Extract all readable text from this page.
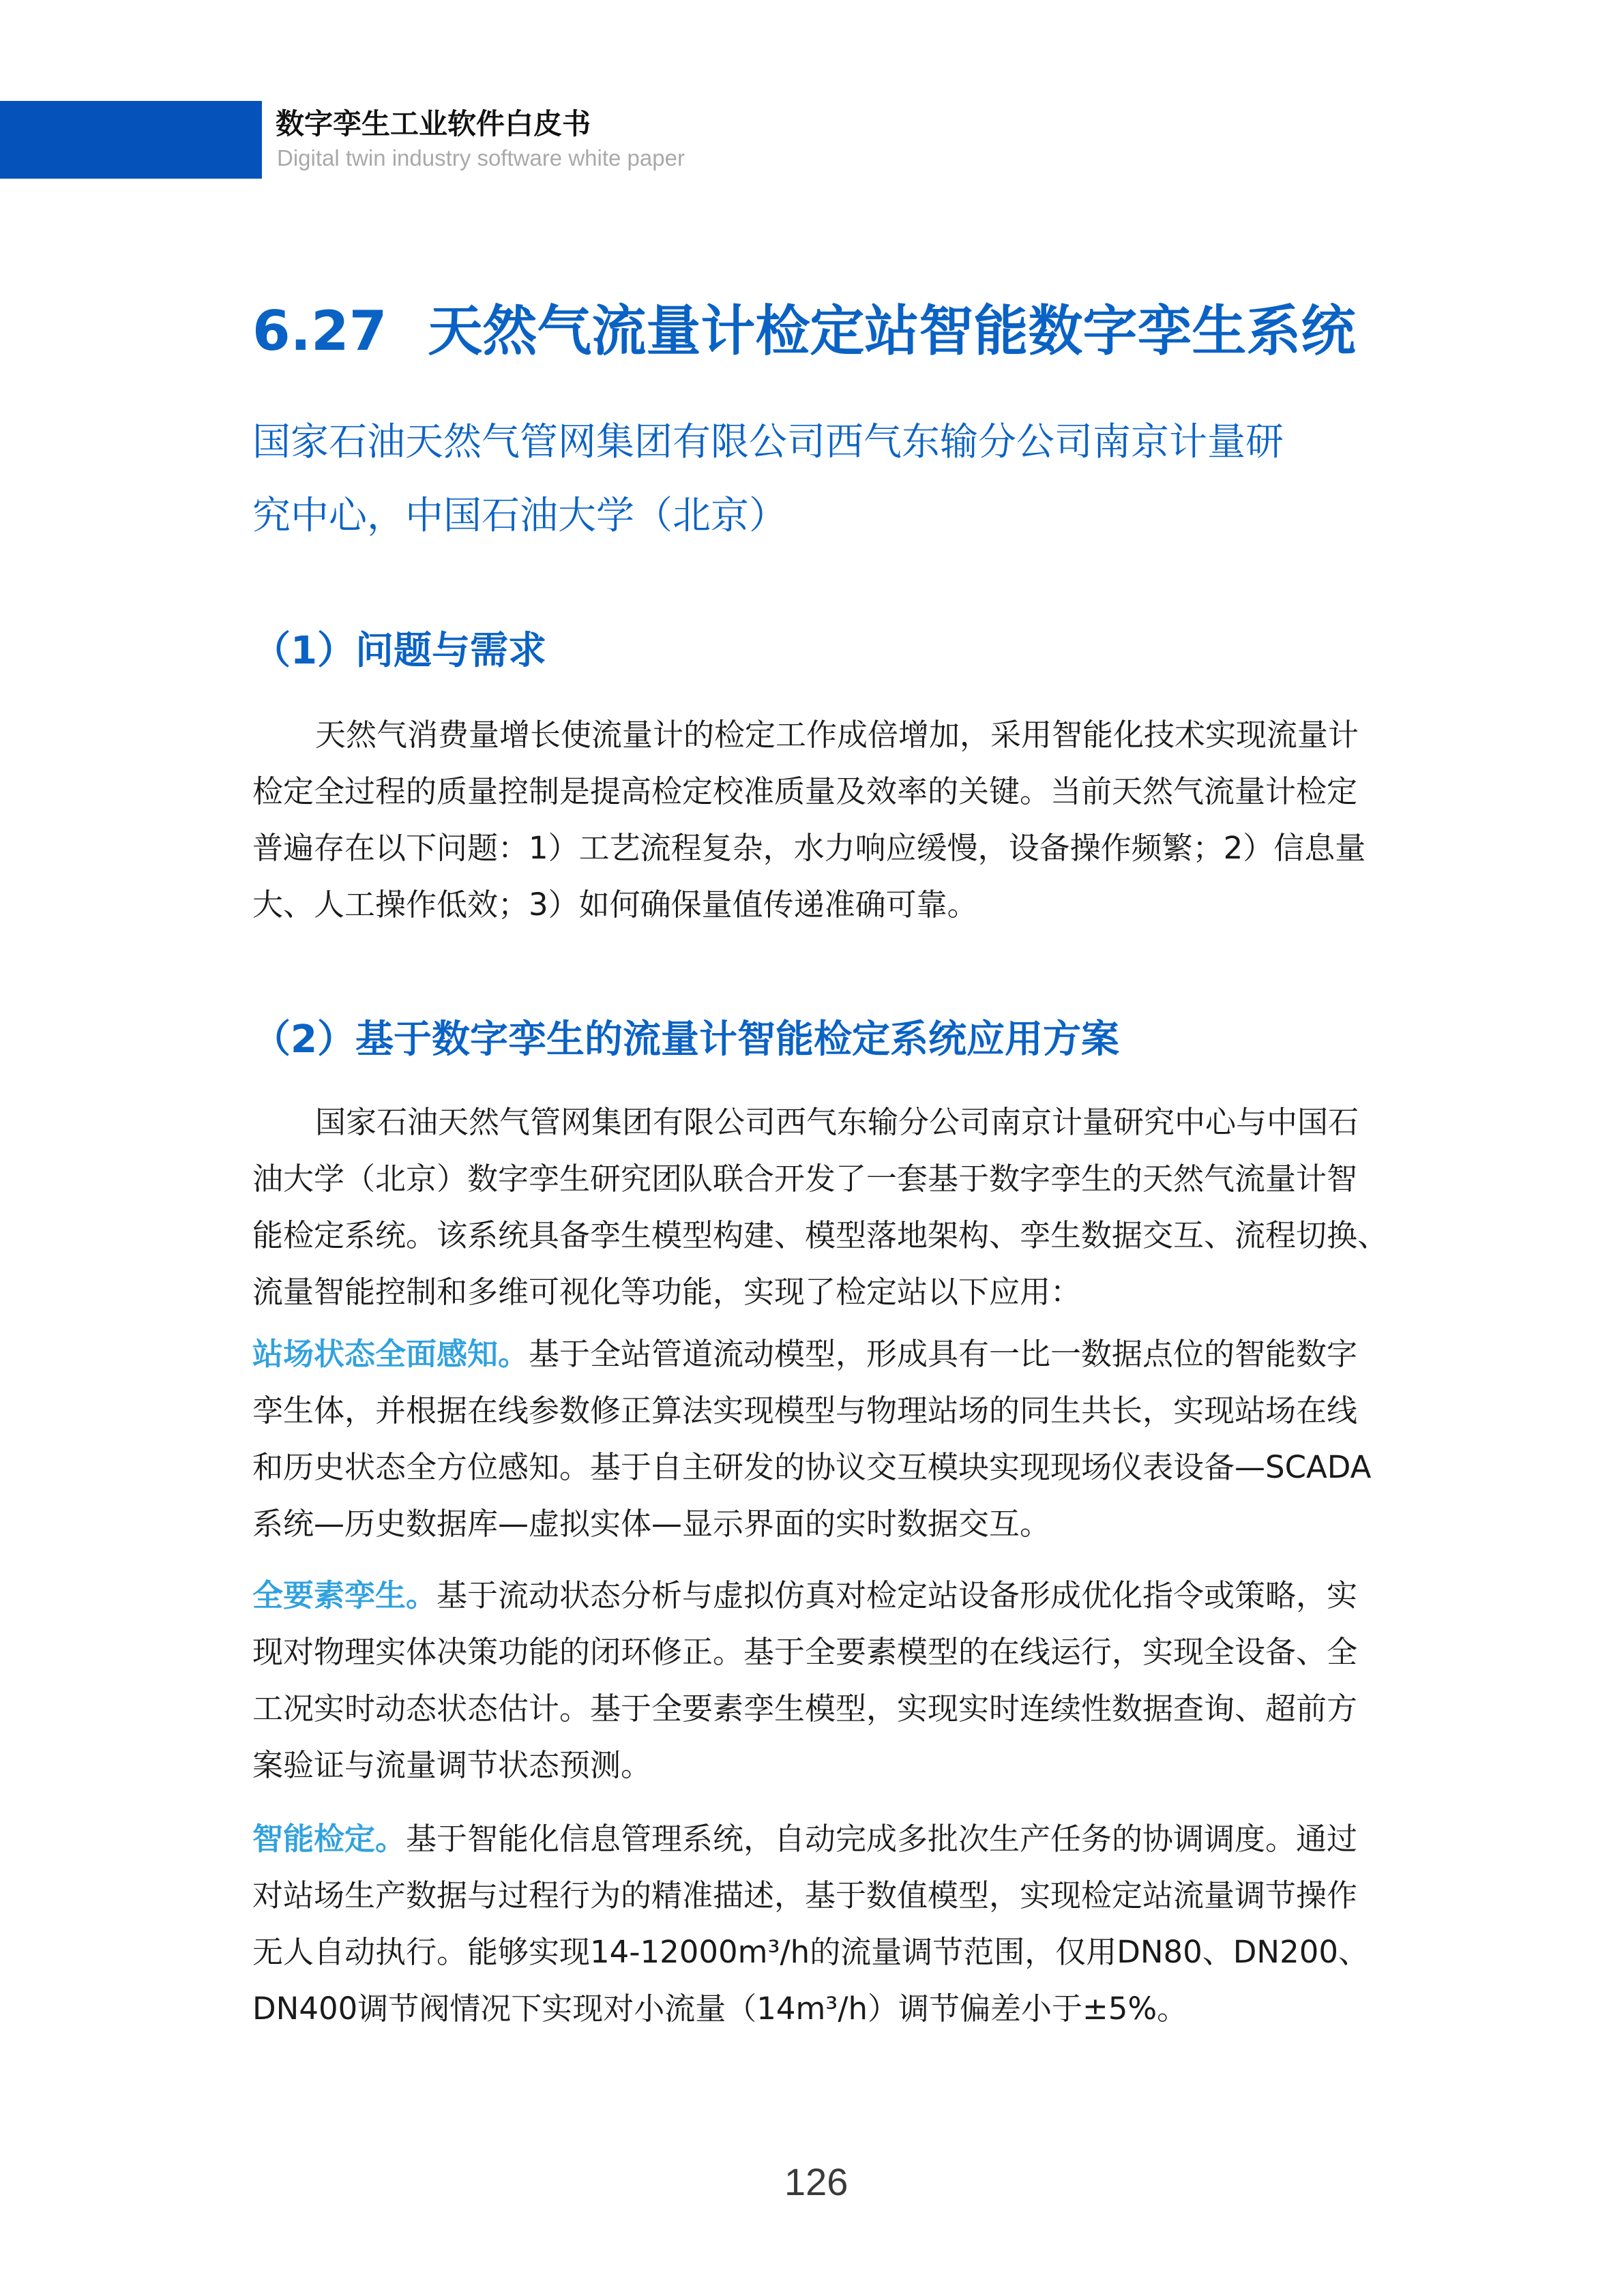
数字孪生工业软件白皮书
Digital twin industry software white paper
6.27 天然气流量计检定站智能数字孪生系统
国家石油天然气管网集团有限公司西气东输分公司南京计量研
究中心，中国石油大学（北京）
（1）问题与需求
天然气消费量增长使流量计的检定工作成倍增加，采用智能化技术实现流量计
检定全过程的质量控制是提高检定校准质量及效率的关键。当前天然气流量计检定
普遍存在以下问题：1）工艺流程复杂，水力响应缓慢，设备操作频繁；2）信息量
大、人工操作低效；3）如何确保量值传递准确可靠。
（2）基于数字孪生的流量计智能检定系统应用方案
国家石油天然气管网集团有限公司西气东输分公司南京计量研究中心与中国石
油大学（北京）数字孪生研究团队联合开发了一套基于数字孪生的天然气流量计智
能检定系统。该系统具备孪生模型构建、模型落地架构、孪生数据交互、流程切换、
流量智能控制和多维可视化等功能，实现了检定站以下应用：
站场状态全面感知。基于全站管道流动模型，形成具有一比一数据点位的智能数字
孪生体，并根据在线参数修正算法实现模型与物理站场的同生共长，实现站场在线
和历史状态全方位感知。基于自主研发的协议交互模块实现现场仪表设备—SCADA
系统—历史数据库—虚拟实体—显示界面的实时数据交互。
全要素孪生。基于流动状态分析与虚拟仿真对检定站设备形成优化指令或策略，实
现对物理实体决策功能的闭环修正。基于全要素模型的在线运行，实现全设备、全
工况实时动态状态估计。基于全要素孪生模型，实现实时连续性数据查询、超前方
案验证与流量调节状态预测。
智能检定。基于智能化信息管理系统，自动完成多批次生产任务的协调调度。通过
对站场生产数据与过程行为的精准描述，基于数值模型，实现检定站流量调节操作
无人自动执行。能够实现14-12000m³/h的流量调节范围，仅用DN80、DN200、
DN400调节阀情况下实现对小流量（14m³/h）调节偏差小于±5%。
126
